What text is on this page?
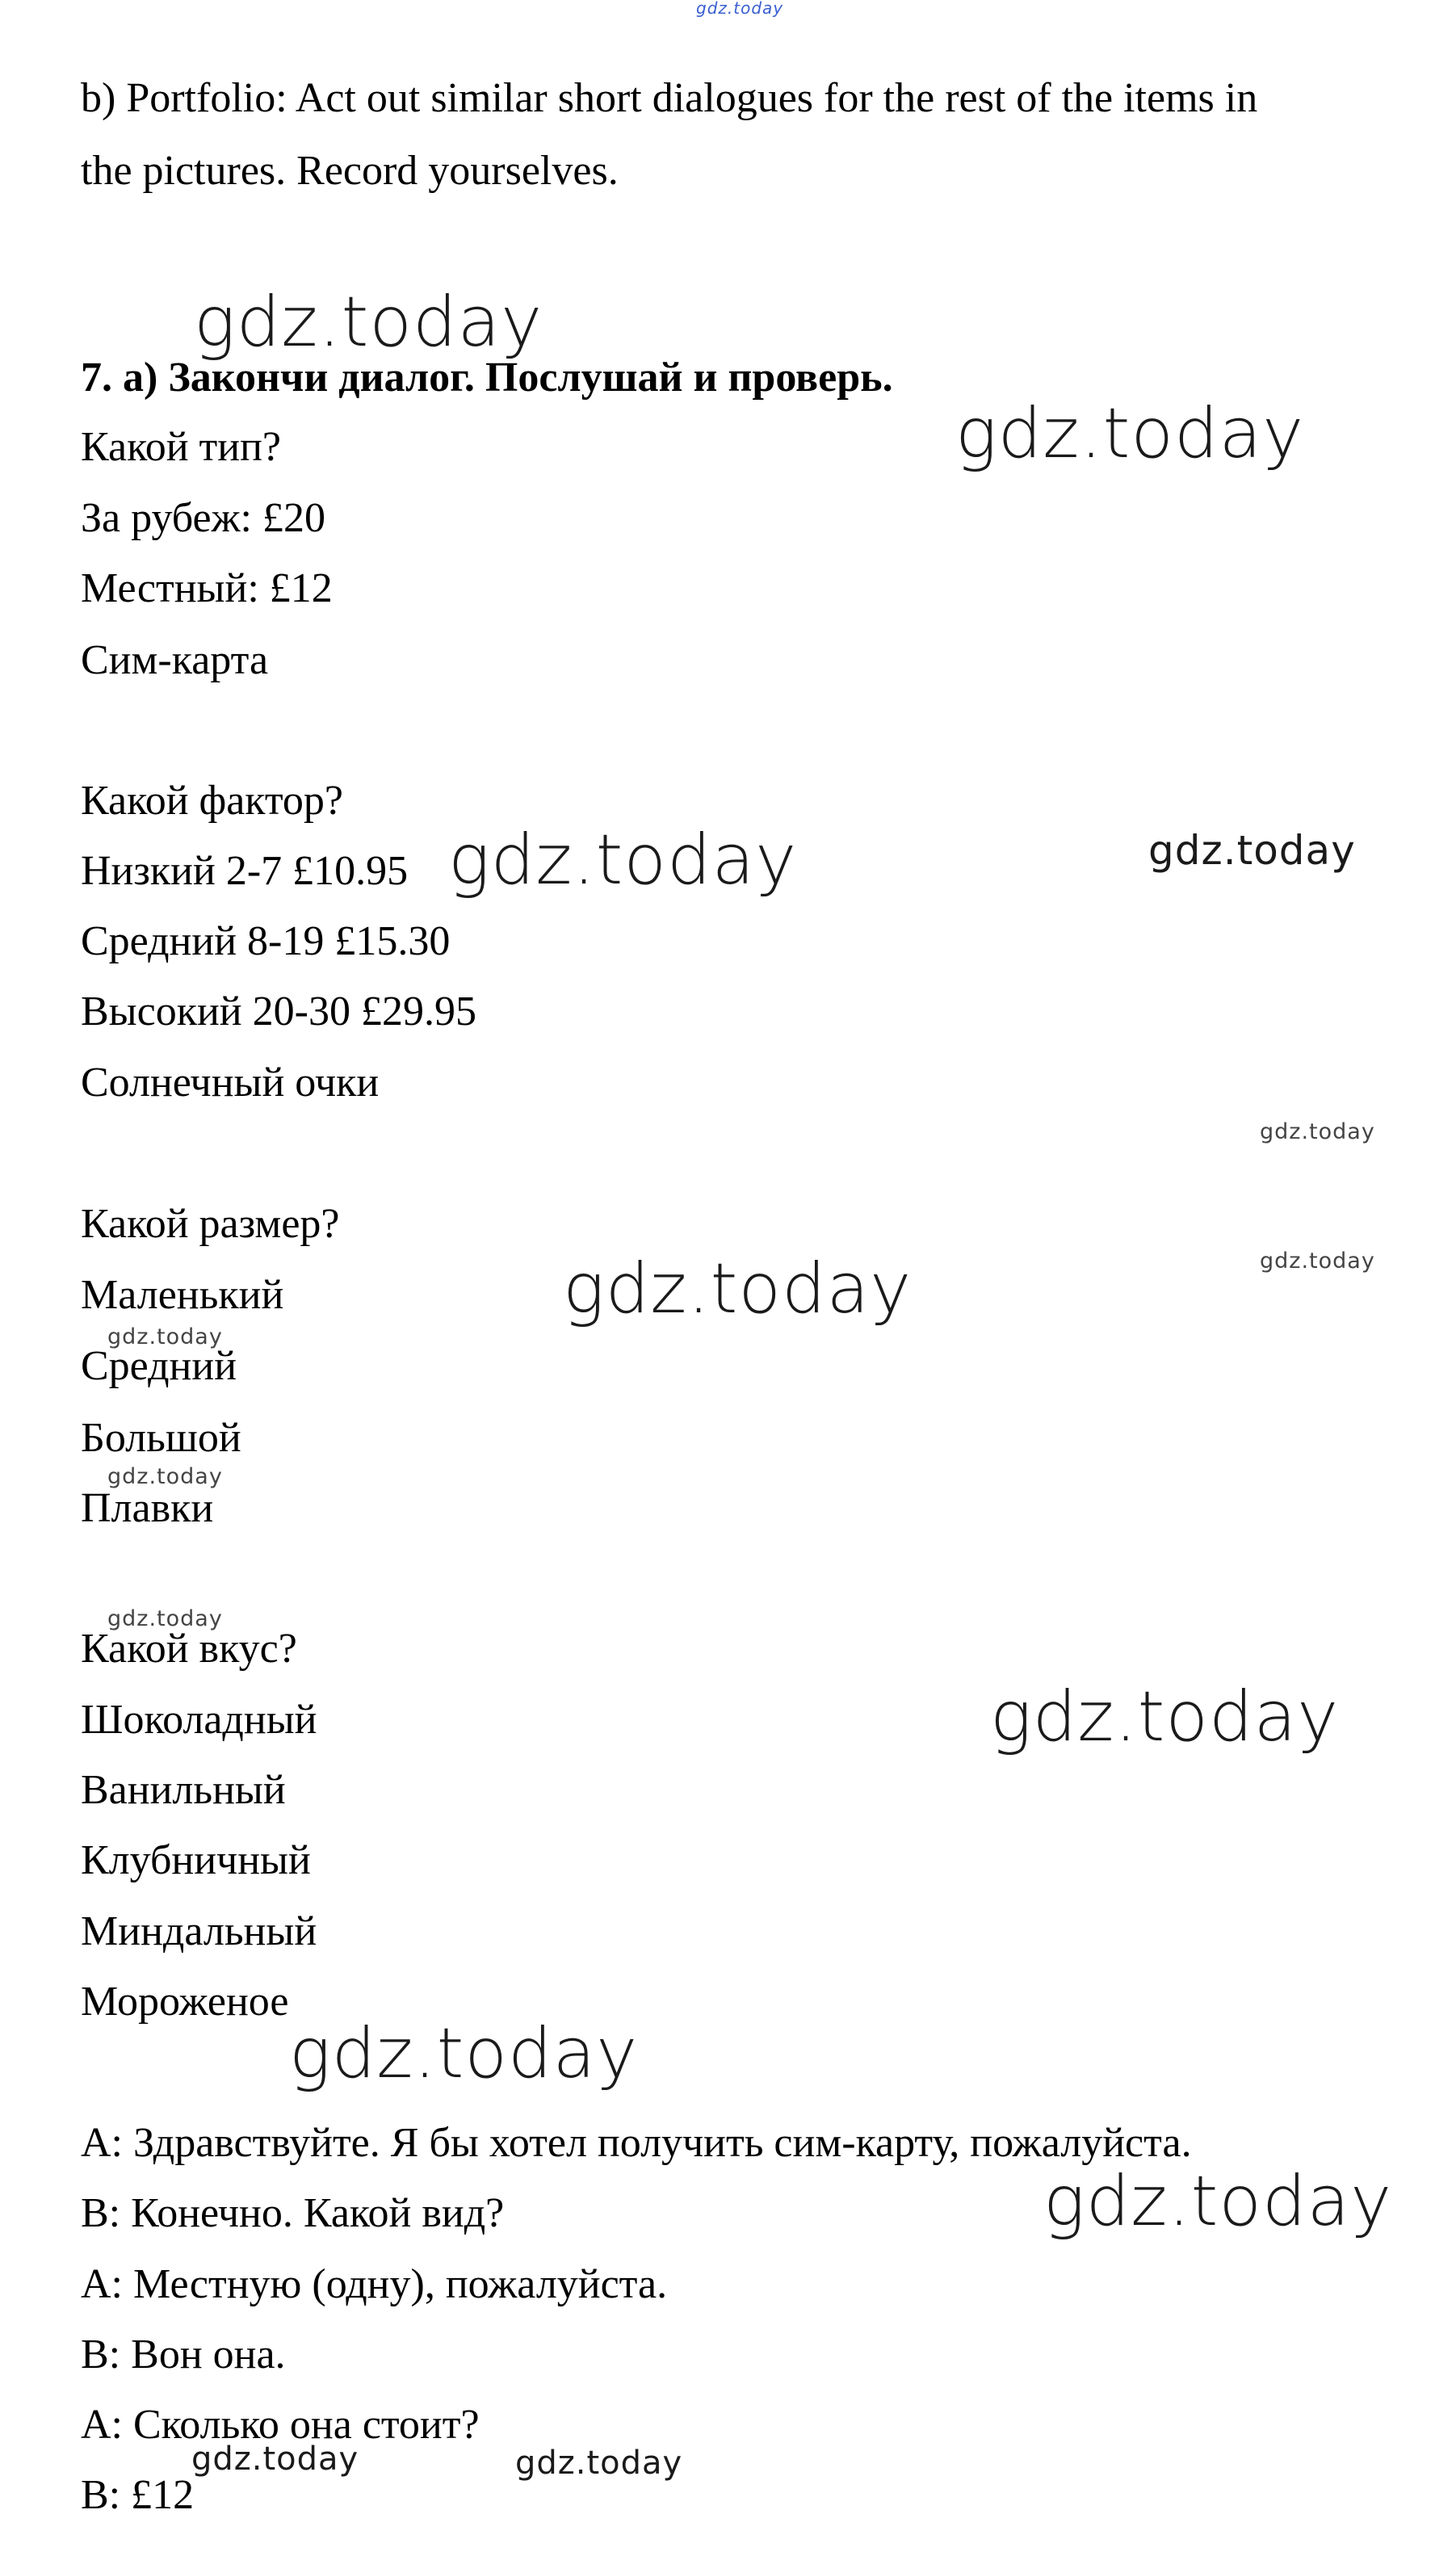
b) Portfolio: Act out similar short dialogues for the rest of the items in

the pictures. Record yourselves.

7. a) Закончи диалог. Послушай и проверь.

Какой тип?

За рубеж: £20

Местный: £12

Сим-карта

Какой фактор?

Низкий 2-7 £10.95

Средний 8-19 £15.30

Высокий 20-30 £29.95

Солнечный очки

Какой размер?

Маленький

Средний

Большой

Плавки

Какой вкус?

Шоколадный

Ванильный

Клубничный

Миндальный

Мороженое

A: Здравствуйте. Я бы хотел получить сим-карту, пожалуйста.

B: Конечно. Какой вид?

A: Местную (одну), пожалуйста.

B: Вон она.

A: Сколько она стоит?

B: £12

gdz.today
gdz.today
gdz.today
gdz.today	gdz.today
gdz.today
gdz.today	gdz.today
gdz.today
gdz.today
gdz.today
gdz.today
gdz.today
gdz.today
gdz.today	gdz.today
